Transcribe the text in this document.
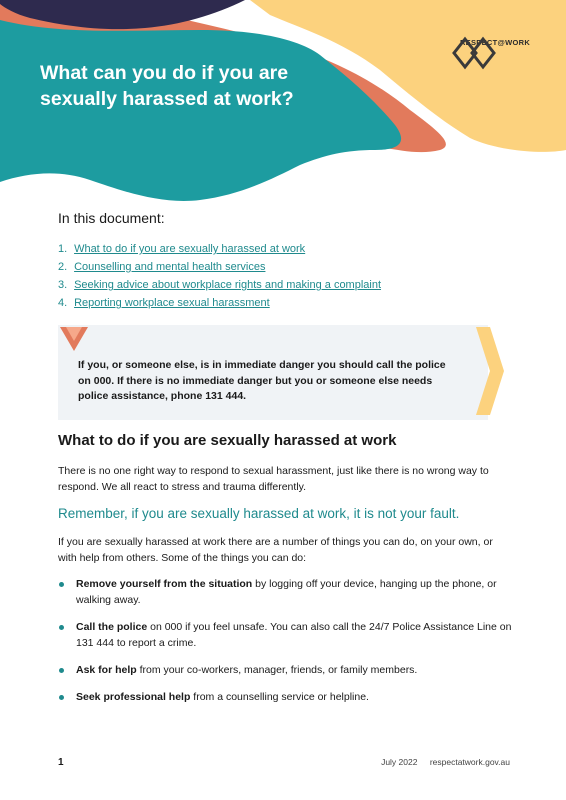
What can you do if you are sexually harassed at work?
RESPECT@WORK
In this document:
1. What to do if you are sexually harassed at work
2. Counselling and mental health services
3. Seeking advice about workplace rights and making a complaint
4. Reporting workplace sexual harassment

If you, or someone else, is in immediate danger you should call the police on 000. If there is no immediate danger but you or someone else needs police assistance, phone 131 444.

What to do if you are sexually harassed at work

There is no one right way to respond to sexual harassment, just like there is no wrong way to respond. We all react to stress and trauma differently.

Remember, if you are sexually harassed at work, it is not your fault.

If you are sexually harassed at work there are a number of things you can do, on your own, or with help from others. Some of the things you can do:

Remove yourself from the situation by logging off your device, hanging up the phone, or walking away.
Call the police on 000 if you feel unsafe. You can also call the 24/7 Police Assistance Line on 131 444 to report a crime.
Ask for help from your co-workers, manager, friends, or family members.
Seek professional help from a counselling service or helpline.
1	July 2022 respectatwork.gov.au
